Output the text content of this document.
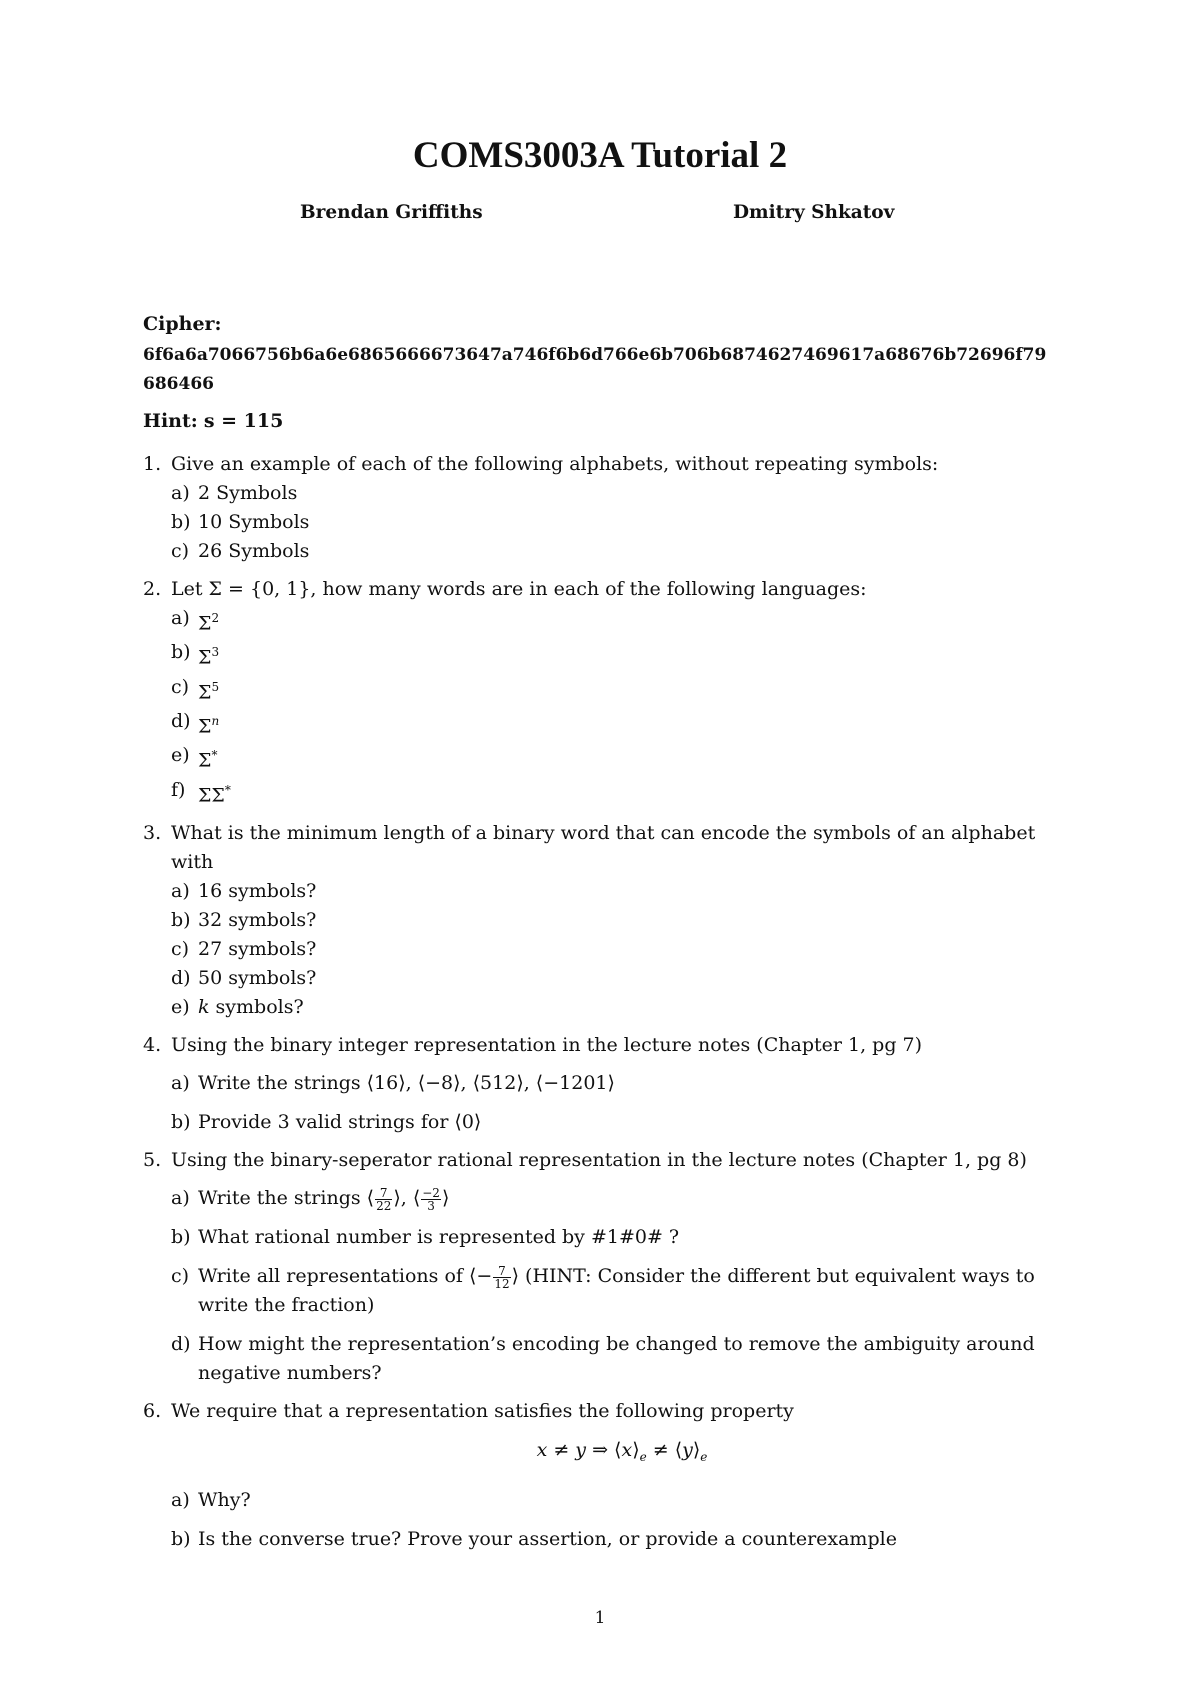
COMS3003A Tutorial 2
Brendan Griffiths	Dmitry Shkatov
Cipher:
6f6a6a7066756b6a6e6865666673647a746f6b6d766e6b706b6874627469617a68676b72696f79686466
Hint: s = 115
1. Give an example of each of the following alphabets, without repeating symbols:
a) 2 Symbols
b) 10 Symbols
c) 26 Symbols
2. Let Σ = {0, 1}, how many words are in each of the following languages:
a) $\Sigma^2$
b) $\Sigma^3$
c) $\Sigma^5$
d) $\Sigma^n$
e) Σ*
f) ΣΣ*
3. What is the minimum length of a binary word that can encode the symbols of an alphabet with
a) 16 symbols?
b) 32 symbols?
c) 27 symbols?
d) 50 symbols?
e) k symbols?
4. Using the binary integer representation in the lecture notes (Chapter 1, pg 7)
a) Write the strings ⟨16⟩, ⟨−8⟩, ⟨512⟩, ⟨−1201⟩
b) Provide 3 valid strings for ⟨0⟩
5. Using the binary-seperator rational representation in the lecture notes (Chapter 1, pg 8)
a) Write the strings ⟨ $\frac{7}{22}$ ⟩, ⟨ $\frac{-2}{3}$ ⟩
b) What rational number is represented by #1#0# ?
c) Write all representations of ⟨− $\frac{7}{12}$ ⟩ (HINT: Consider the different but equivalent ways to write the fraction)
d) How might the representation’s encoding be changed to remove the ambiguity around negative numbers?
6. We require that a representation satisfies the following property
x ≠ y ⇒ $⟨x⟩_e$ ≠ $⟨y⟩_e$
a) Why?
b) Is the converse true? Prove your assertion, or provide a counterexample
1
